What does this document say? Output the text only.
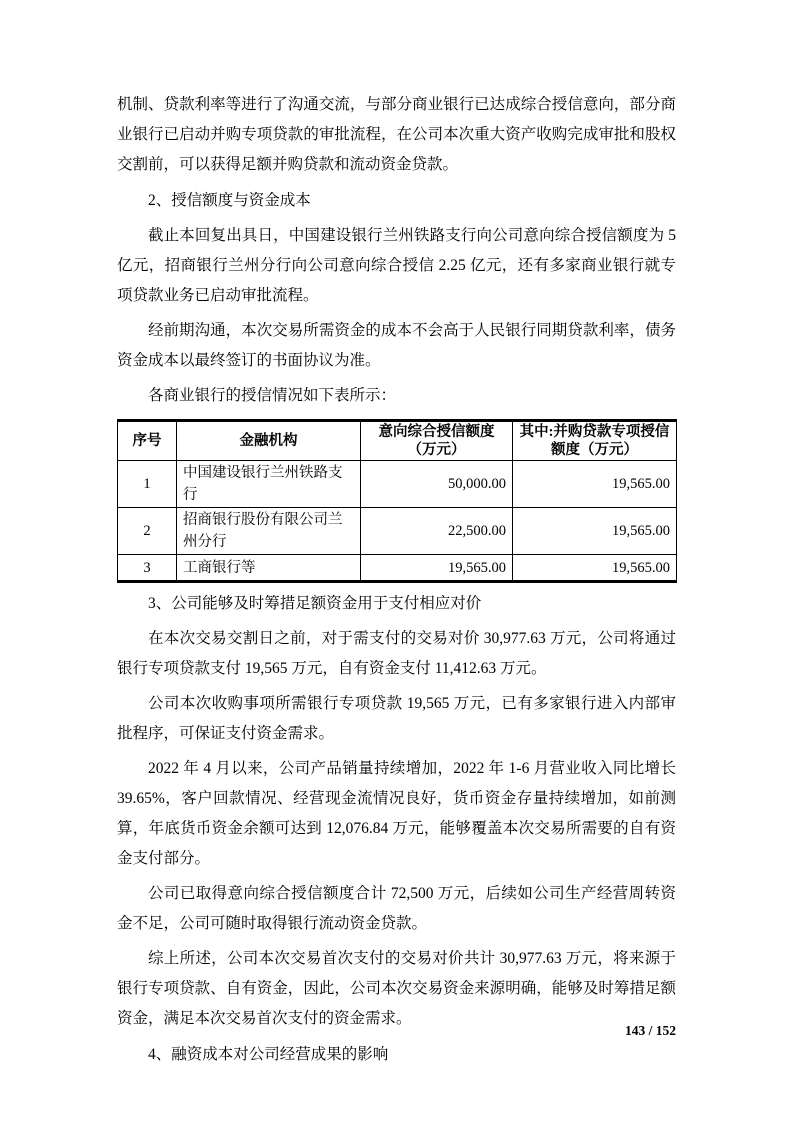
机制、贷款利率等进行了沟通交流，与部分商业银行已达成综合授信意向，部分商业银行已启动并购专项贷款的审批流程，在公司本次重大资产收购完成审批和股权交割前，可以获得足额并购贷款和流动资金贷款。

2、授信额度与资金成本

截止本回复出具日，中国建设银行兰州铁路支行向公司意向综合授信额度为 5 亿元，招商银行兰州分行向公司意向综合授信 2.25 亿元，还有多家商业银行就专项贷款业务已启动审批流程。

经前期沟通，本次交易所需资金的成本不会高于人民银行同期贷款利率，债务资金成本以最终签订的书面协议为准。

各商业银行的授信情况如下表所示：

序号	金融机构	意向综合授信额度（万元）	其中:并购贷款专项授信额度（万元）
1	中国建设银行兰州铁路支行	50,000.00	19,565.00
2	招商银行股份有限公司兰州分行	22,500.00	19,565.00
3	工商银行等	19,565.00	19,565.00

3、公司能够及时筹措足额资金用于支付相应对价

在本次交易交割日之前，对于需支付的交易对价 30,977.63 万元，公司将通过银行专项贷款支付 19,565 万元，自有资金支付 11,412.63 万元。

公司本次收购事项所需银行专项贷款 19,565 万元，已有多家银行进入内部审批程序，可保证支付资金需求。

2022 年 4 月以来，公司产品销量持续增加，2022 年 1-6 月营业收入同比增长 39.65%，客户回款情况、经营现金流情况良好，货币资金存量持续增加，如前测算，年底货币资金余额可达到 12,076.84 万元，能够覆盖本次交易所需要的自有资金支付部分。

公司已取得意向综合授信额度合计 72,500 万元，后续如公司生产经营周转资金不足，公司可随时取得银行流动资金贷款。

综上所述，公司本次交易首次支付的交易对价共计 30,977.63 万元，将来源于银行专项贷款、自有资金，因此，公司本次交易资金来源明确，能够及时筹措足额资金，满足本次交易首次支付的资金需求。

4、融资成本对公司经营成果的影响

143 / 152
